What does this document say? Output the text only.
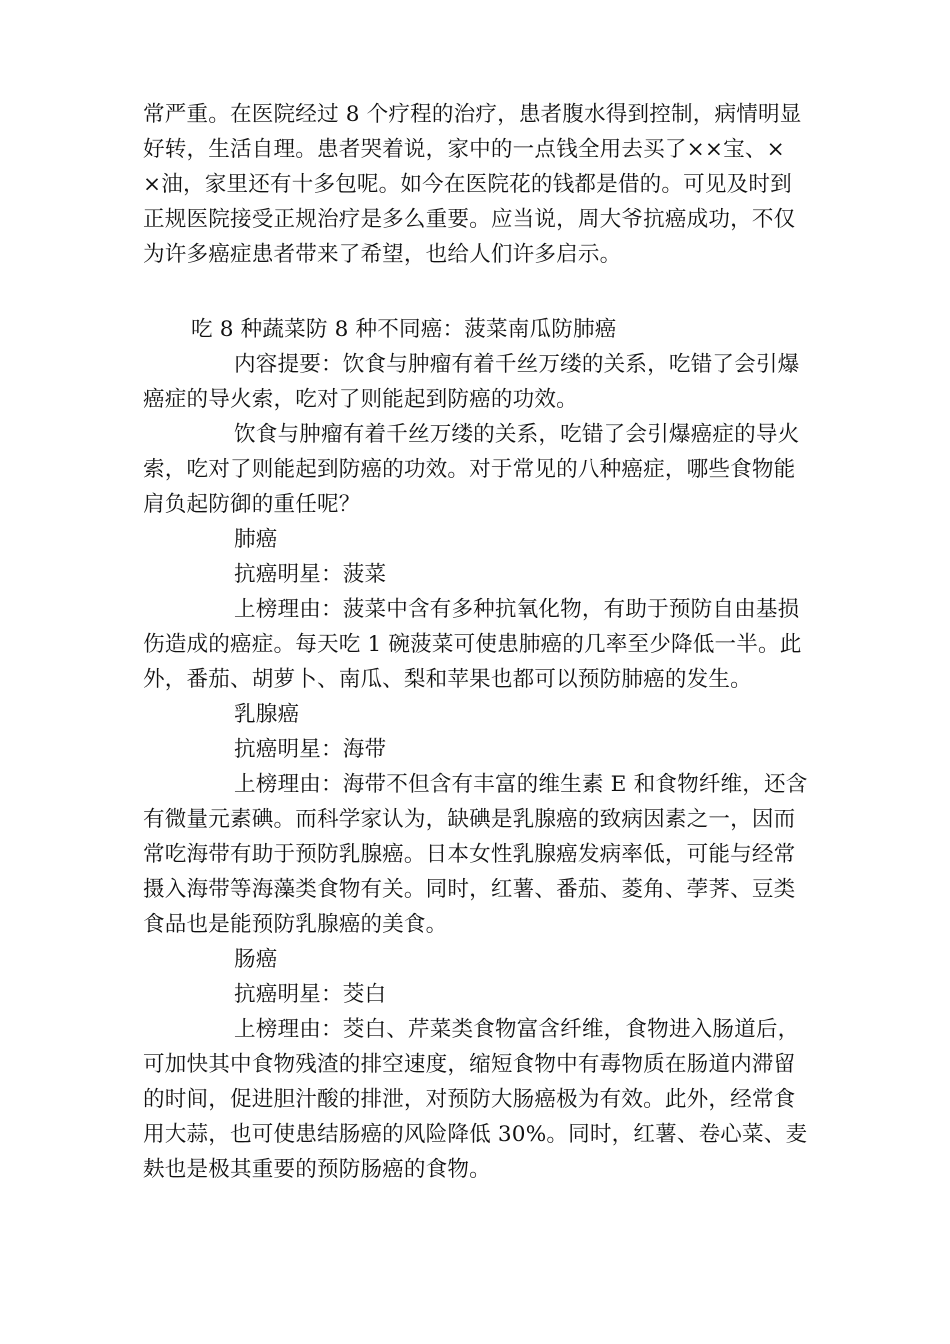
常严重。在医院经过 8 个疗程的治疗，患者腹水得到控制，病情明显
好转，生活自理。患者哭着说，家中的一点钱全用去买了××宝、×
×油，家里还有十多包呢。如今在医院花的钱都是借的。可见及时到
正规医院接受正规治疗是多么重要。应当说，周大爷抗癌成功，不仅
为许多癌症患者带来了希望，也给人们许多启示。
吃 8 种蔬菜防 8 种不同癌：菠菜南瓜防肺癌
内容提要：饮食与肿瘤有着千丝万缕的关系，吃错了会引爆
癌症的导火索，吃对了则能起到防癌的功效。
饮食与肿瘤有着千丝万缕的关系，吃错了会引爆癌症的导火
索，吃对了则能起到防癌的功效。对于常见的八种癌症，哪些食物能
肩负起防御的重任呢？
肺癌
抗癌明星：菠菜
上榜理由：菠菜中含有多种抗氧化物，有助于预防自由基损
伤造成的癌症。每天吃 1 碗菠菜可使患肺癌的几率至少降低一半。此
外，番茄、胡萝卜、南瓜、梨和苹果也都可以预防肺癌的发生。
乳腺癌
抗癌明星：海带
上榜理由：海带不但含有丰富的维生素 E 和食物纤维，还含
有微量元素碘。而科学家认为，缺碘是乳腺癌的致病因素之一，因而
常吃海带有助于预防乳腺癌。日本女性乳腺癌发病率低，可能与经常
摄入海带等海藻类食物有关。同时，红薯、番茄、菱角、荸荠、豆类
食品也是能预防乳腺癌的美食。
肠癌
抗癌明星：茭白
上榜理由：茭白、芹菜类食物富含纤维，食物进入肠道后，
可加快其中食物残渣的排空速度，缩短食物中有毒物质在肠道内滞留
的时间，促进胆汁酸的排泄，对预防大肠癌极为有效。此外，经常食
用大蒜，也可使患结肠癌的风险降低 30%。同时，红薯、卷心菜、麦
麸也是极其重要的预防肠癌的食物。
